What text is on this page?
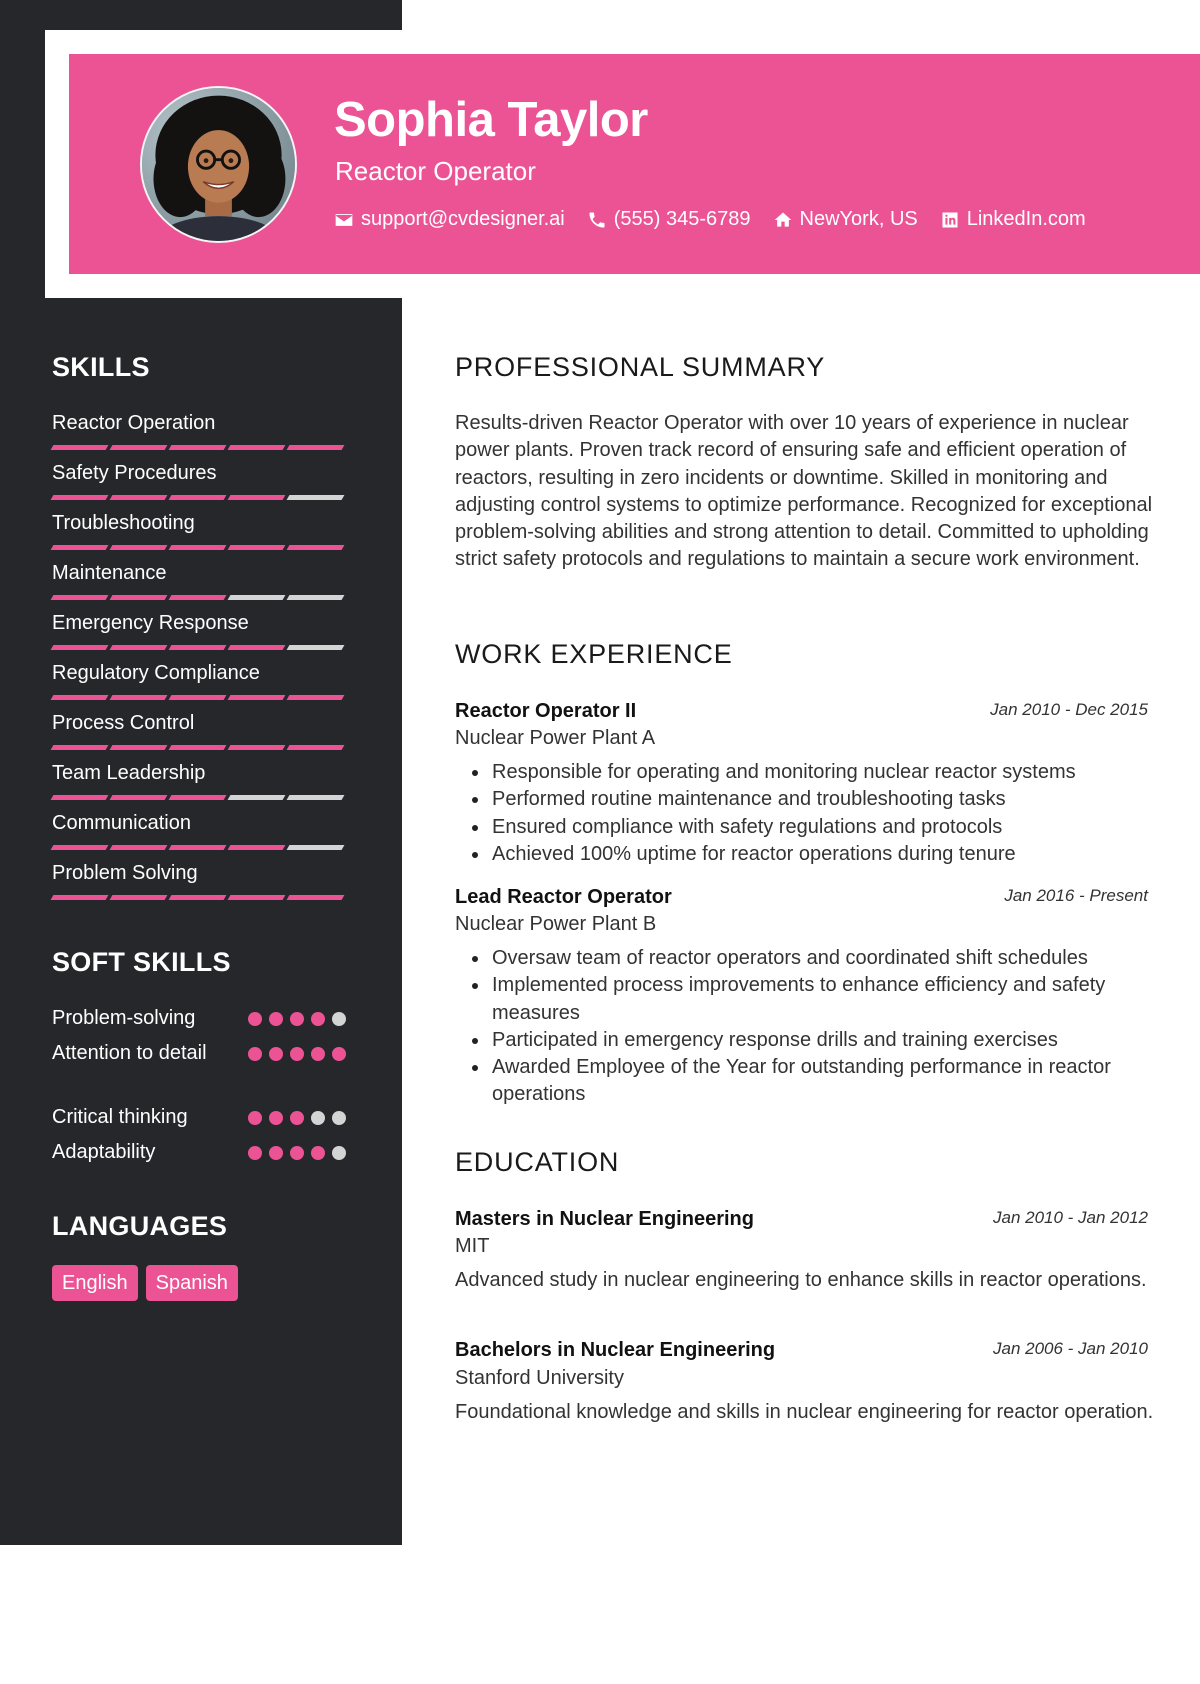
Sophia Taylor
Reactor Operator
support@cvdesigner.ai (555) 345-6789 NewYork, US LinkedIn.com
SKILLS
Reactor Operation
Safety Procedures
Troubleshooting
Maintenance
Emergency Response
Regulatory Compliance
Process Control
Team Leadership
Communication
Problem Solving
SOFT SKILLS
Problem-solving
Attention to detail
Critical thinking
Adaptability
LANGUAGES
English	Spanish
PROFESSIONAL SUMMARY

Results-driven Reactor Operator with over 10 years of experience in nuclear power plants. Proven track record of ensuring safe and efficient operation of reactors, resulting in zero incidents or downtime. Skilled in monitoring and adjusting control systems to optimize performance. Recognized for exceptional problem-solving abilities and strong attention to detail. Committed to upholding strict safety protocols and regulations to maintain a secure work environment.

WORK EXPERIENCE
Reactor Operator II	Jan 2010 - Dec 2015
Nuclear Power Plant A
Responsible for operating and monitoring nuclear reactor systems
Performed routine maintenance and troubleshooting tasks
Ensured compliance with safety regulations and protocols
Achieved 100% uptime for reactor operations during tenure
Lead Reactor Operator	Jan 2016 - Present
Nuclear Power Plant B
Oversaw team of reactor operators and coordinated shift schedules
Implemented process improvements to enhance efficiency and safety measures
Participated in emergency response drills and training exercises
Awarded Employee of the Year for outstanding performance in reactor operations
EDUCATION
Masters in Nuclear Engineering	Jan 2010 - Jan 2012
MIT

Advanced study in nuclear engineering to enhance skills in reactor operations.

Bachelors in Nuclear Engineering	Jan 2006 - Jan 2010
Stanford University

Foundational knowledge and skills in nuclear engineering for reactor operation.
